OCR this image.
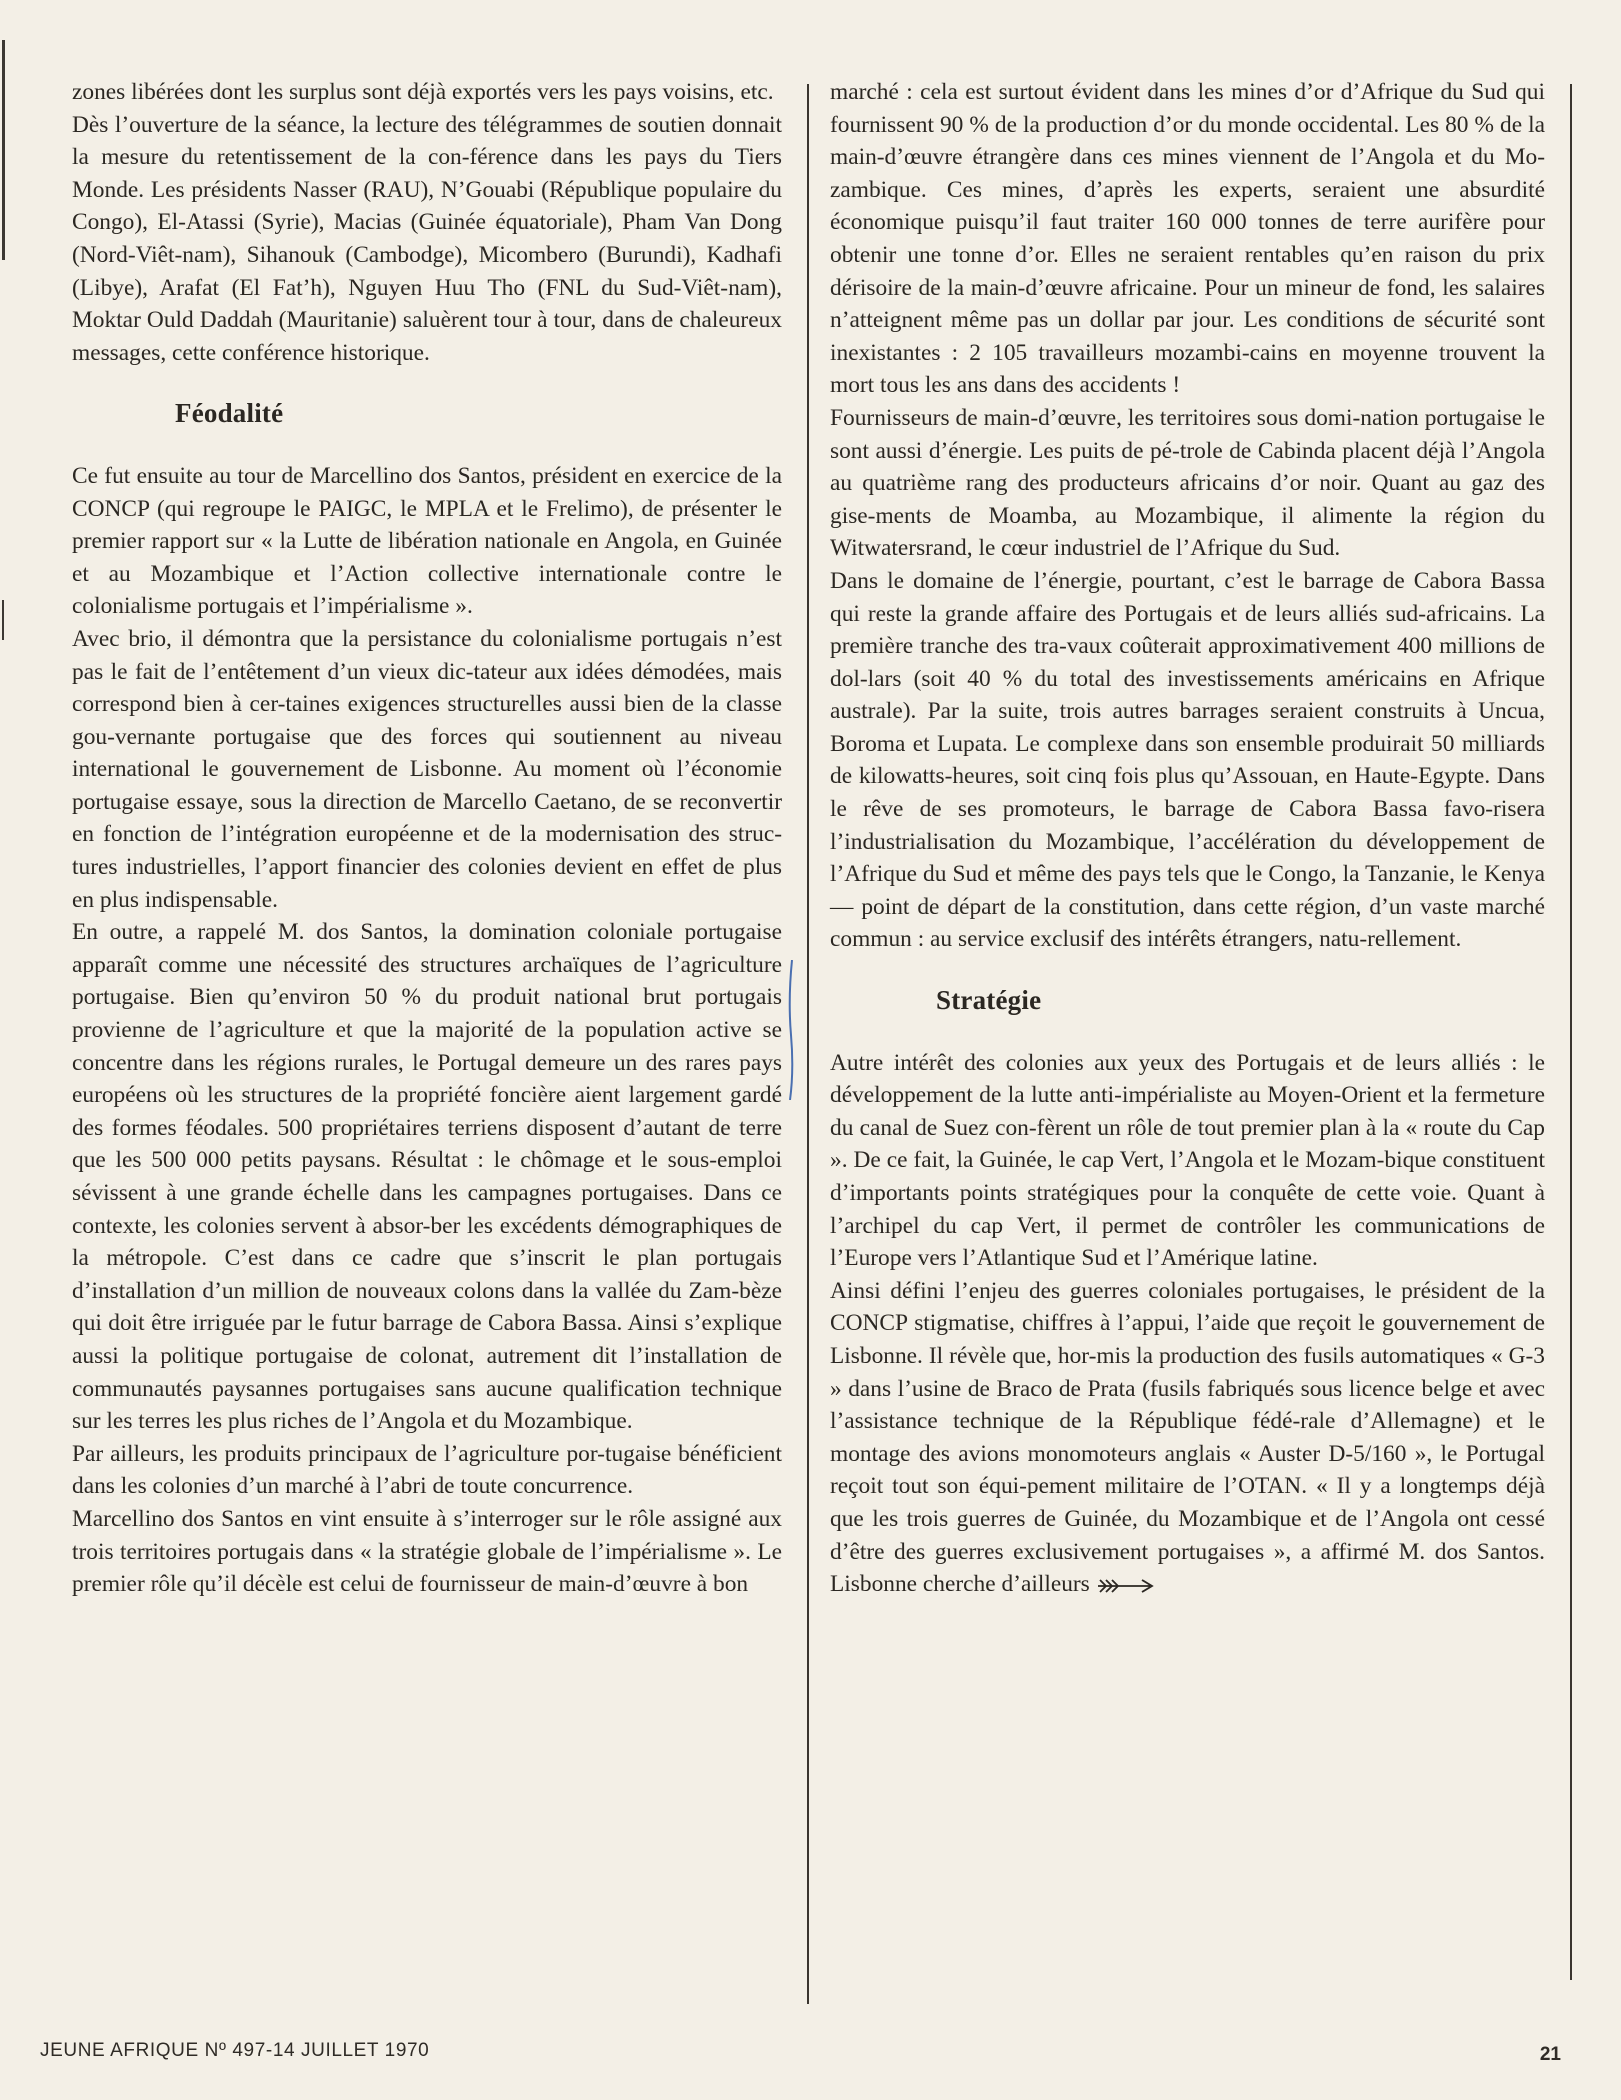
zones libérées dont les surplus sont déjà exportés vers les pays voisins, etc.

Dès l’ouverture de la séance, la lecture des télégrammes de soutien donnait la mesure du retentissement de la con-férence dans les pays du Tiers Monde. Les présidents Nasser (RAU), N’Gouabi (République populaire du Congo), El-Atassi (Syrie), Macias (Guinée équatoriale), Pham Van Dong (Nord-Viêt-nam), Sihanouk (Cambodge), Micombero (Burundi), Kadhafi (Libye), Arafat (El Fat’h), Nguyen Huu Tho (FNL du Sud-Viêt-nam), Moktar Ould Daddah (Mauritanie) saluèrent tour à tour, dans de chaleureux messages, cette conférence historique.

Féodalité

Ce fut ensuite au tour de Marcellino dos Santos, président en exercice de la CONCP (qui regroupe le PAIGC, le MPLA et le Frelimo), de présenter le premier rapport sur « la Lutte de libération nationale en Angola, en Guinée et au Mozambique et l’Action collective internationale contre le colonialisme portugais et l’impérialisme ».

Avec brio, il démontra que la persistance du colonialisme portugais n’est pas le fait de l’entêtement d’un vieux dic-tateur aux idées démodées, mais correspond bien à cer-taines exigences structurelles aussi bien de la classe gou-vernante portugaise que des forces qui soutiennent au niveau international le gouvernement de Lisbonne. Au moment où l’économie portugaise essaye, sous la direction de Marcello Caetano, de se reconvertir en fonction de l’intégration européenne et de la modernisation des struc-tures industrielles, l’apport financier des colonies devient en effet de plus en plus indispensable.

En outre, a rappelé M. dos Santos, la domination coloniale portugaise apparaît comme une nécessité des structures archaïques de l’agriculture portugaise. Bien qu’environ 50 % du produit national brut portugais provienne de l’agriculture et que la majorité de la population active se concentre dans les régions rurales, le Portugal demeure un des rares pays européens où les structures de la propriété foncière aient largement gardé des formes féodales. 500 propriétaires terriens disposent d’autant de terre que les 500 000 petits paysans. Résultat : le chômage et le sous-emploi sévissent à une grande échelle dans les campagnes portugaises. Dans ce contexte, les colonies servent à absor-ber les excédents démographiques de la métropole. C’est dans ce cadre que s’inscrit le plan portugais d’installation d’un million de nouveaux colons dans la vallée du Zam-bèze qui doit être irriguée par le futur barrage de Cabora Bassa. Ainsi s’explique aussi la politique portugaise de colonat, autrement dit l’installation de communautés paysannes portugaises sans aucune qualification technique sur les terres les plus riches de l’Angola et du Mozambique.

Par ailleurs, les produits principaux de l’agriculture por-tugaise bénéficient dans les colonies d’un marché à l’abri de toute concurrence.

Marcellino dos Santos en vint ensuite à s’interroger sur le rôle assigné aux trois territoires portugais dans « la stratégie globale de l’impérialisme ». Le premier rôle qu’il décèle est celui de fournisseur de main-d’œuvre à bon

marché : cela est surtout évident dans les mines d’or d’Afrique du Sud qui fournissent 90 % de la production d’or du monde occidental. Les 80 % de la main-d’œuvre étrangère dans ces mines viennent de l’Angola et du Mo-zambique. Ces mines, d’après les experts, seraient une absurdité économique puisqu’il faut traiter 160 000 tonnes de terre aurifère pour obtenir une tonne d’or. Elles ne seraient rentables qu’en raison du prix dérisoire de la main-d’œuvre africaine. Pour un mineur de fond, les salaires n’atteignent même pas un dollar par jour. Les conditions de sécurité sont inexistantes : 2 105 travailleurs mozambi-cains en moyenne trouvent la mort tous les ans dans des accidents !

Fournisseurs de main-d’œuvre, les territoires sous domi-nation portugaise le sont aussi d’énergie. Les puits de pé-trole de Cabinda placent déjà l’Angola au quatrième rang des producteurs africains d’or noir. Quant au gaz des gise-ments de Moamba, au Mozambique, il alimente la région du Witwatersrand, le cœur industriel de l’Afrique du Sud.

Dans le domaine de l’énergie, pourtant, c’est le barrage de Cabora Bassa qui reste la grande affaire des Portugais et de leurs alliés sud-africains. La première tranche des tra-vaux coûterait approximativement 400 millions de dol-lars (soit 40 % du total des investissements américains en Afrique australe). Par la suite, trois autres barrages seraient construits à Uncua, Boroma et Lupata. Le complexe dans son ensemble produirait 50 milliards de kilowatts-heures, soit cinq fois plus qu’Assouan, en Haute-Egypte. Dans le rêve de ses promoteurs, le barrage de Cabora Bassa favo-risera l’industrialisation du Mozambique, l’accélération du développement de l’Afrique du Sud et même des pays tels que le Congo, la Tanzanie, le Kenya — point de départ de la constitution, dans cette région, d’un vaste marché commun : au service exclusif des intérêts étrangers, natu-rellement.

Stratégie

Autre intérêt des colonies aux yeux des Portugais et de leurs alliés : le développement de la lutte anti-impérialiste au Moyen-Orient et la fermeture du canal de Suez con-fèrent un rôle de tout premier plan à la « route du Cap ». De ce fait, la Guinée, le cap Vert, l’Angola et le Mozam-bique constituent d’importants points stratégiques pour la conquête de cette voie. Quant à l’archipel du cap Vert, il permet de contrôler les communications de l’Europe vers l’Atlantique Sud et l’Amérique latine.

Ainsi défini l’enjeu des guerres coloniales portugaises, le président de la CONCP stigmatise, chiffres à l’appui, l’aide que reçoit le gouvernement de Lisbonne. Il révèle que, hor-mis la production des fusils automatiques « G-3 » dans l’usine de Braco de Prata (fusils fabriqués sous licence belge et avec l’assistance technique de la République fédé-rale d’Allemagne) et le montage des avions monomoteurs anglais « Auster D-5/160 », le Portugal reçoit tout son équi-pement militaire de l’OTAN. « Il y a longtemps déjà que les trois guerres de Guinée, du Mozambique et de l’Angola ont cessé d’être des guerres exclusivement portugaises », a affirmé M. dos Santos. Lisbonne cherche d’ailleurs

JEUNE AFRIQUE Nº 497-14 JUILLET 1970	21
